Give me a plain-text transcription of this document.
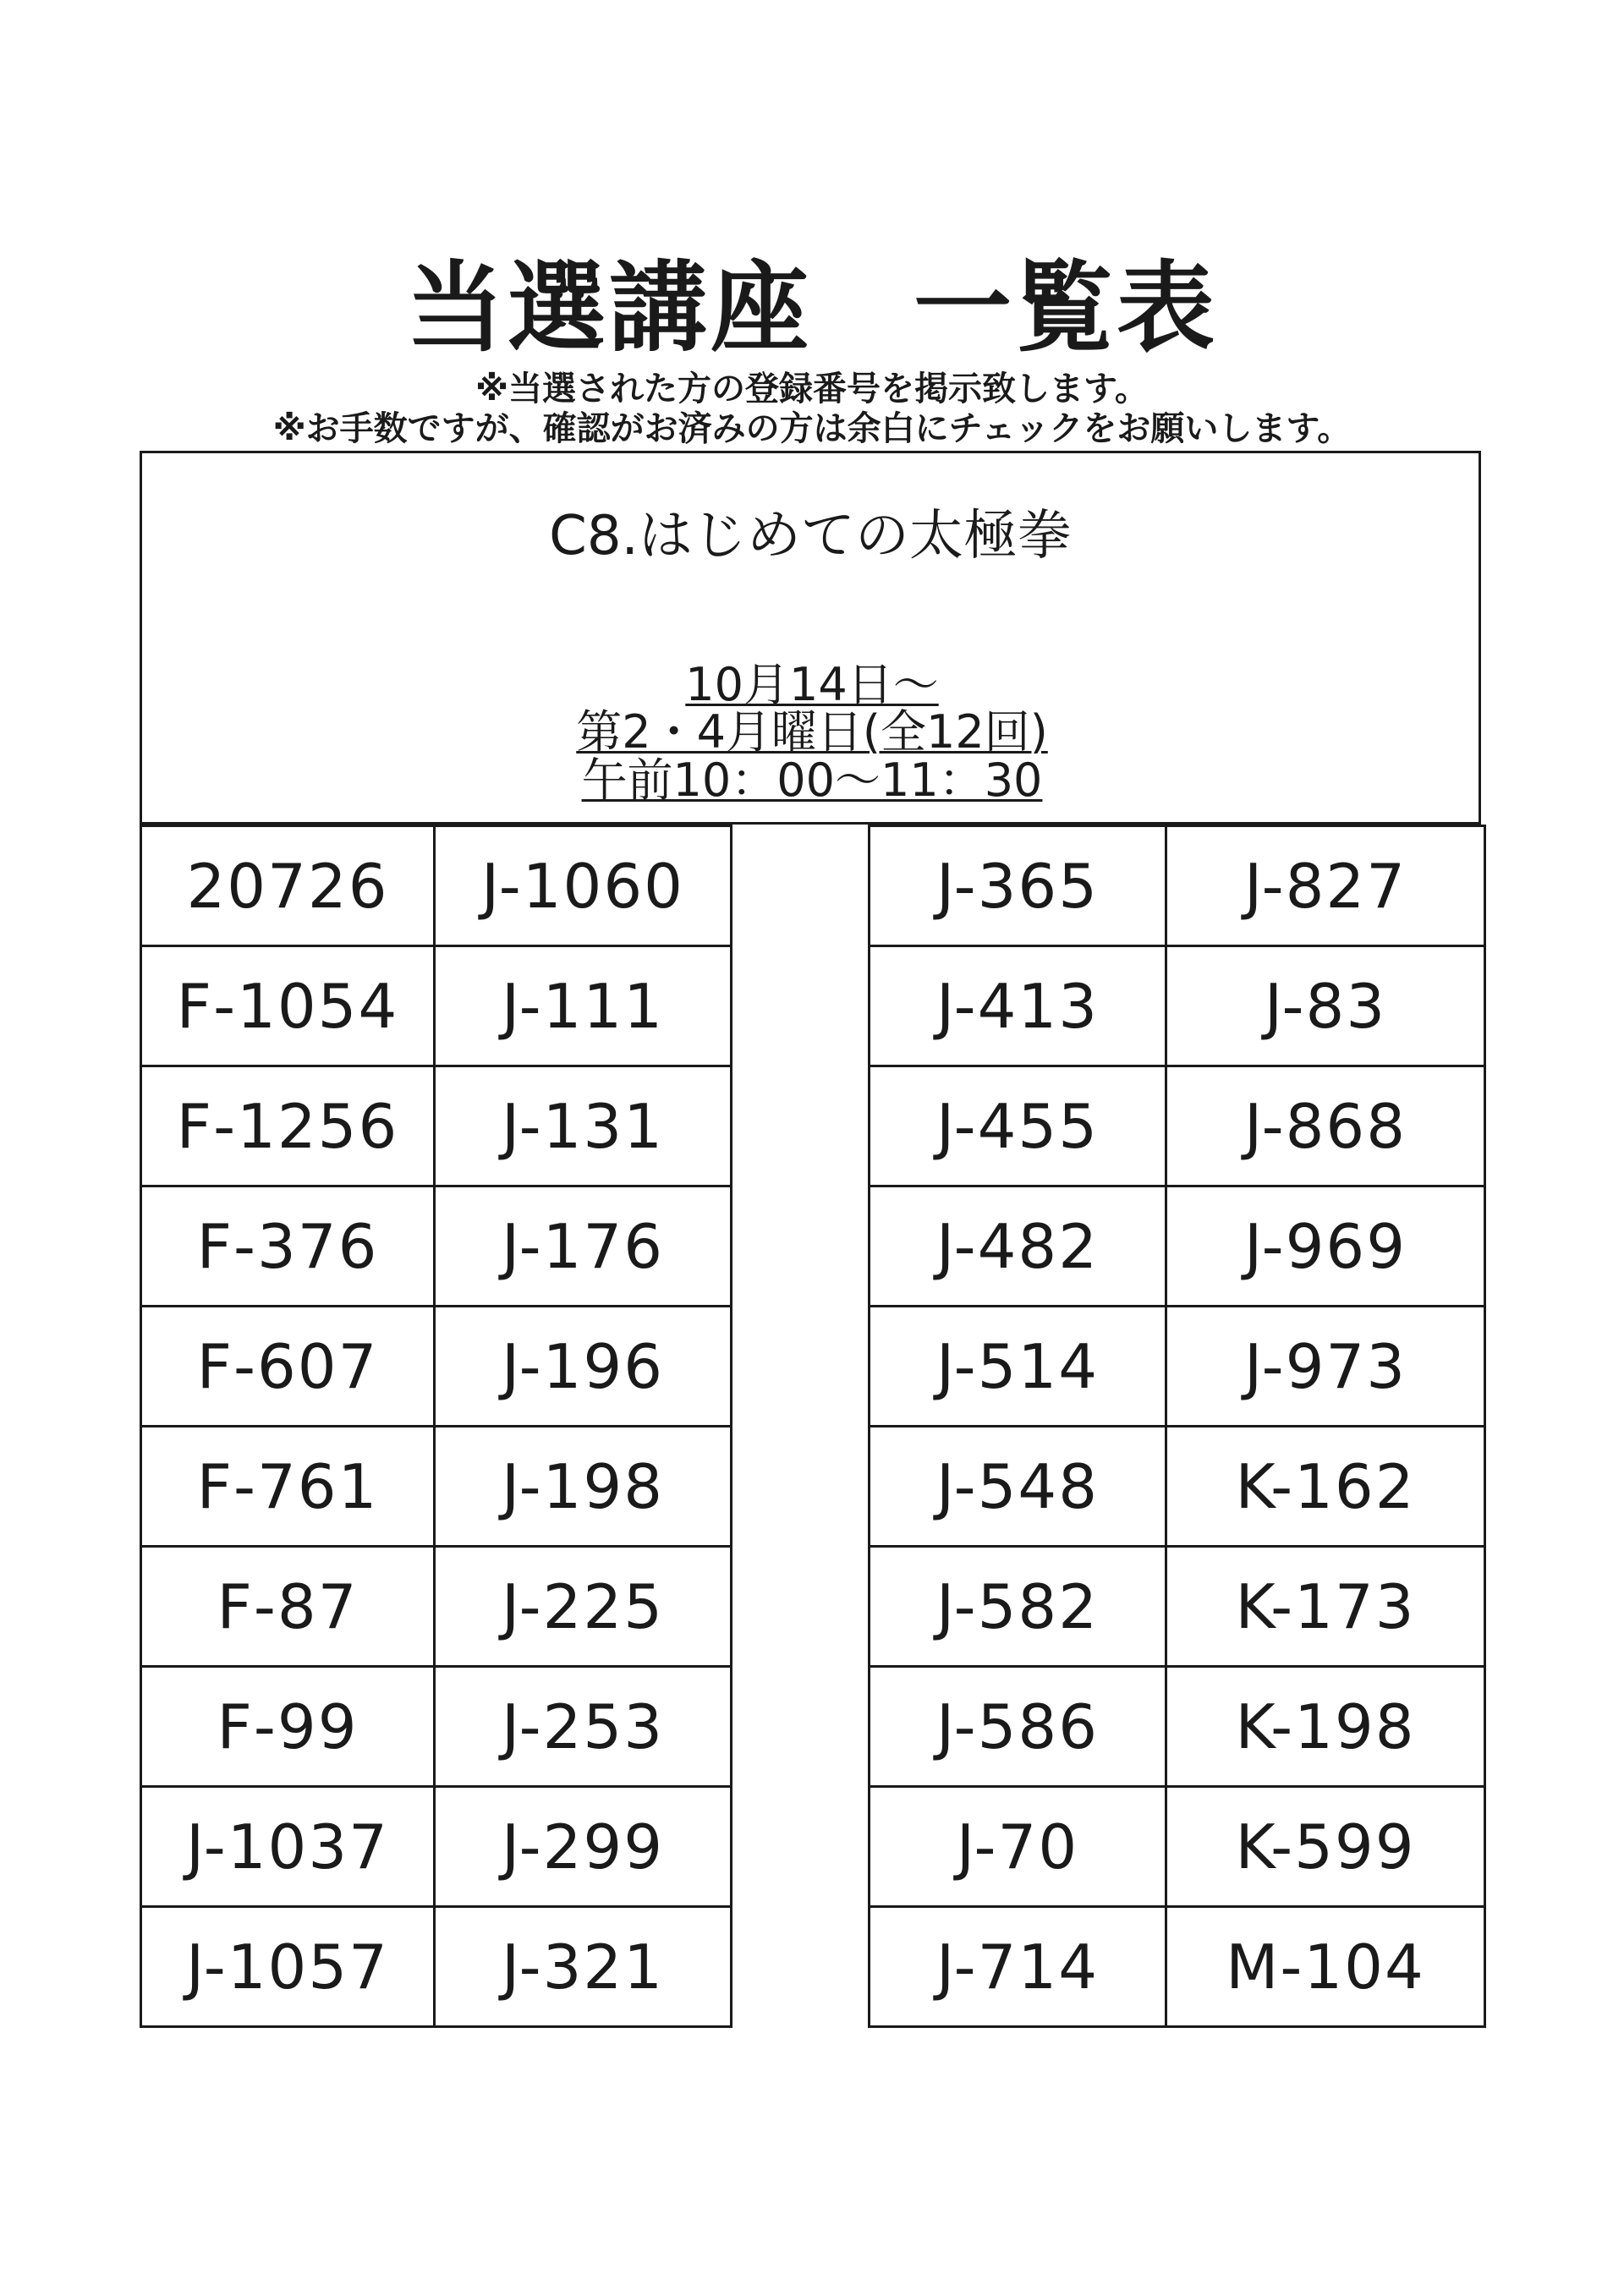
当選講座　一覧表
※当選された方の登録番号を掲示致します。
※お手数ですが、確認がお済みの方は余白にチェックをお願いします。
C8.はじめての太極拳
10月14日～
第2・4月曜日(全12回)
午前10：00～11：30
20726	J-1060
F-1054	J-111
F-1256	J-131
F-376	J-176
F-607	J-196
F-761	J-198
F-87	J-225
F-99	J-253
J-1037	J-299
J-1057	J-321
J-365	J-827
J-413	J-83
J-455	J-868
J-482	J-969
J-514	J-973
J-548	K-162
J-582	K-173
J-586	K-198
J-70	K-599
J-714	M-104
